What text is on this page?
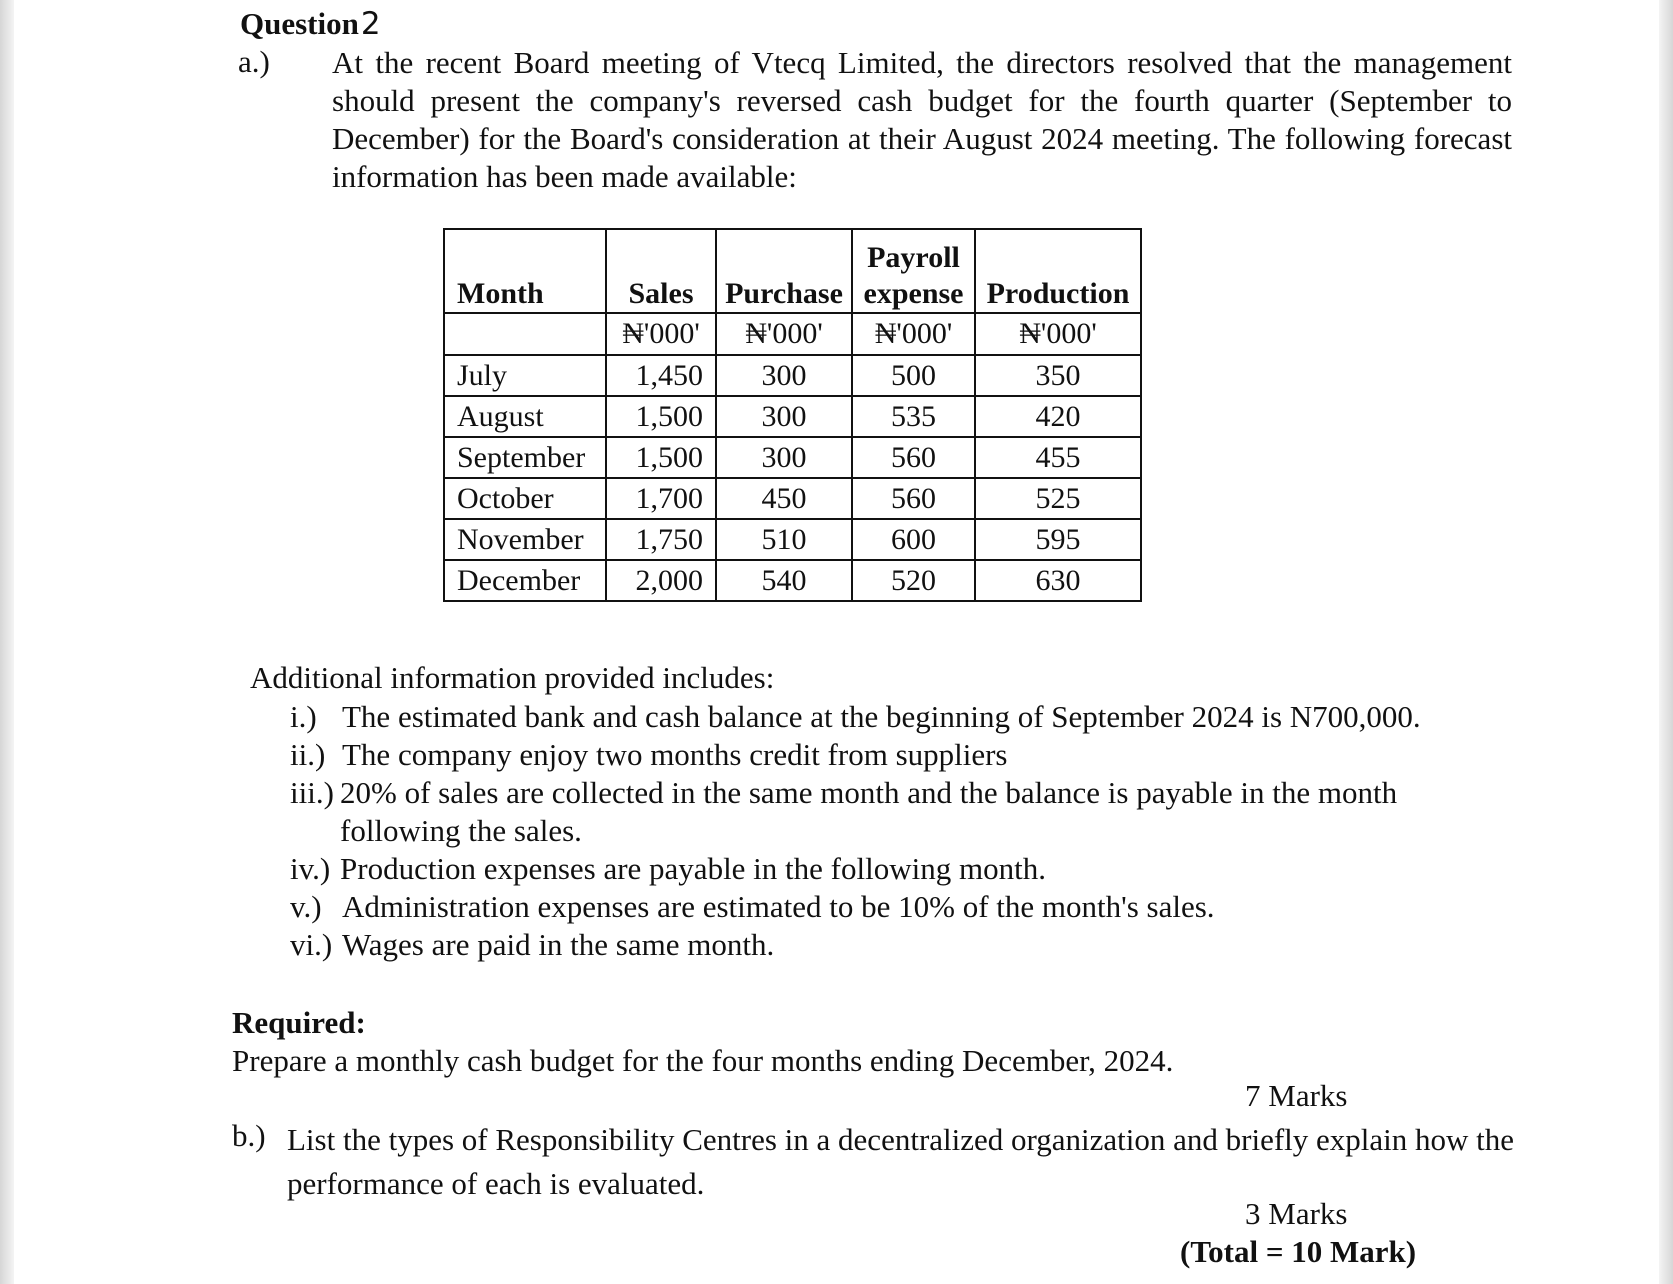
Question2
a.) At the recent Board meeting of Vtecq Limited, the directors resolved that the management should present the company's reversed cash budget for the fourth quarter (September to December) for the Board's consideration at their August 2024 meeting. The following forecast information has been made available:
Month	Sales	Purchase	Payroll expense	Production
	₦'000'	₦'000'	₦'000'	₦'000'
July	1,450	300	500	350
August	1,500	300	535	420
September	1,500	300	560	455
October	1,700	450	560	525
November	1,750	510	600	595
December	2,000	540	520	630
Additional information provided includes:
i.) The estimated bank and cash balance at the beginning of September 2024 is N700,000.
ii.) The company enjoy two months credit from suppliers
iii.) 20% of sales are collected in the same month and the balance is payable in the month following the sales.
iv.) Production expenses are payable in the following month.
v.) Administration expenses are estimated to be 10% of the month's sales.
vi.) Wages are paid in the same month.
Required:
Prepare a monthly cash budget for the four months ending December, 2024.
7 Marks
b.) List the types of Responsibility Centres in a decentralized organization and briefly explain how the performance of each is evaluated.
3 Marks
(Total = 10 Mark)
